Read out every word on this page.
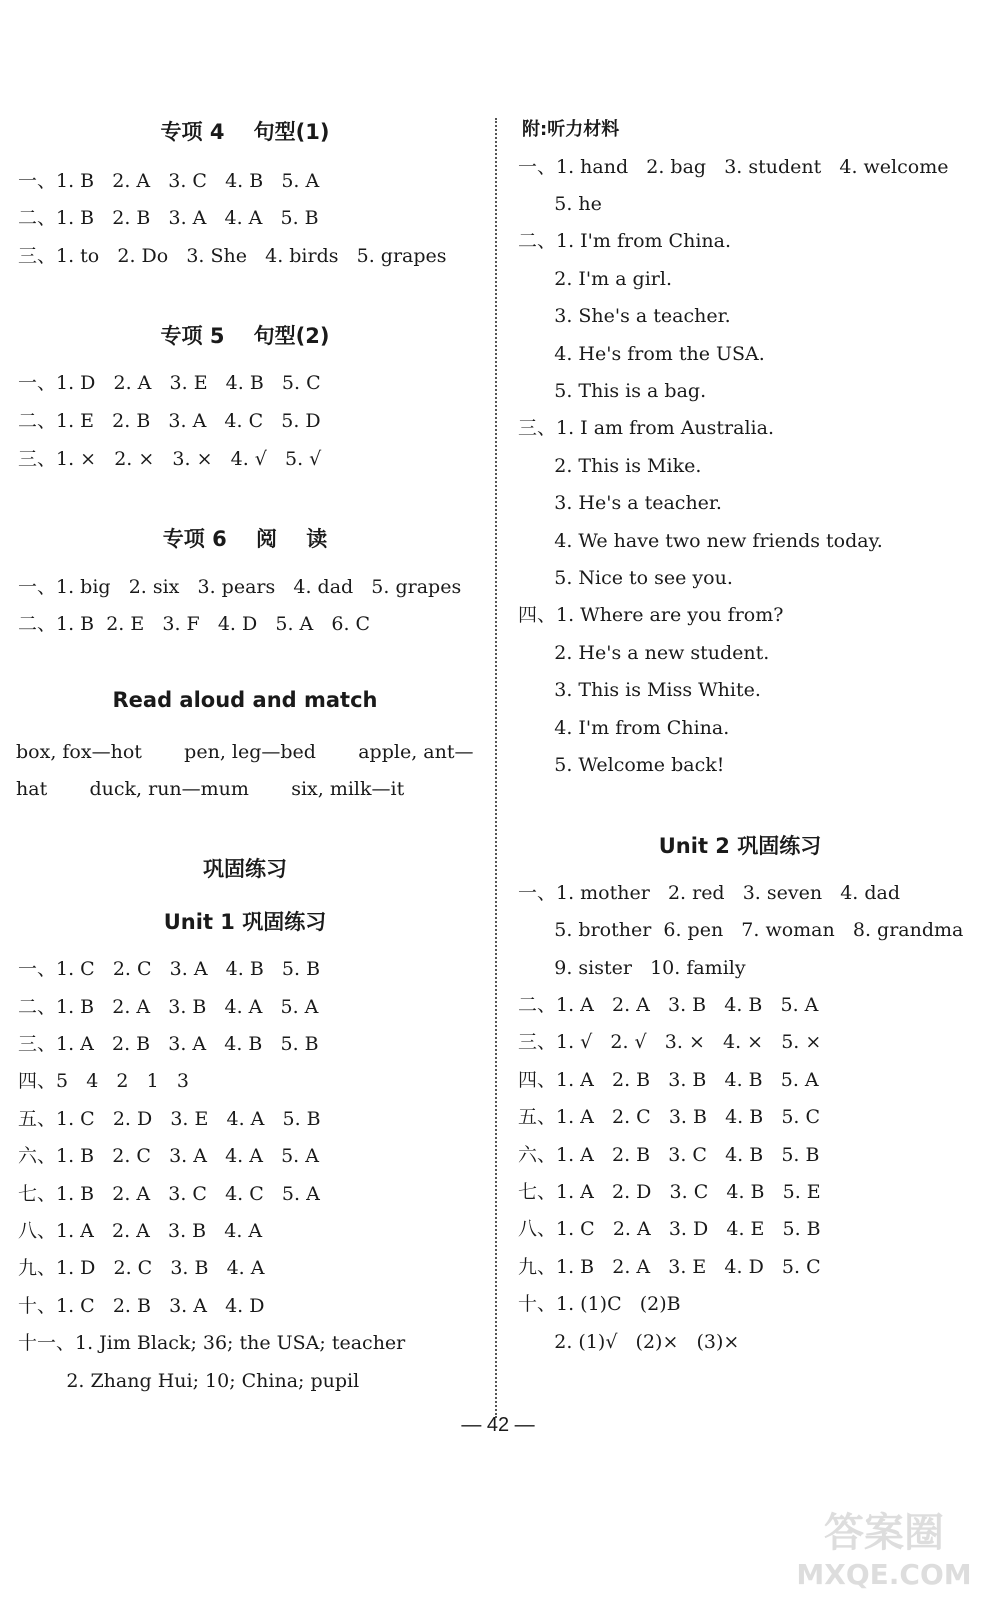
专项 4    句型(1)
一、1. B   2. A   3. C   4. B   5. A
二、1. B   2. B   3. A   4. A   5. B
三、1. to   2. Do   3. She   4. birds   5. grapes
专项 5    句型(2)
一、1. D   2. A   3. E   4. B   5. C
二、1. E   2. B   3. A   4. C   5. D
三、1. ×   2. ×   3. ×   4. √   5. √
专项 6    阅    读
一、1. big   2. six   3. pears   4. dad   5. grapes
二、1. B  2. E   3. F   4. D   5. A   6. C
Read aloud and match
box, fox—hot       pen, leg—bed       apple, ant—
hat       duck, run—mum       six, milk—it
巩固练习
Unit 1 巩固练习
一、1. C   2. C   3. A   4. B   5. B
二、1. B   2. A   3. B   4. A   5. A
三、1. A   2. B   3. A   4. B   5. B
四、5   4   2   1   3
五、1. C   2. D   3. E   4. A   5. B
六、1. B   2. C   3. A   4. A   5. A
七、1. B   2. A   3. C   4. C   5. A
八、1. A   2. A   3. B   4. A
九、1. D   2. C   3. B   4. A
十、1. C   2. B   3. A   4. D
十一、1. Jim Black; 36; the USA; teacher
2. Zhang Hui; 10; China; pupil
附:听力材料
一、1. hand   2. bag   3. student   4. welcome
5. he
二、1. I'm from China.
2. I'm a girl.
3. She's a teacher.
4. He's from the USA.
5. This is a bag.
三、1. I am from Australia.
2. This is Mike.
3. He's a teacher.
4. We have two new friends today.
5. Nice to see you.
四、1. Where are you from?
2. He's a new student.
3. This is Miss White.
4. I'm from China.
5. Welcome back!
Unit 2 巩固练习
一、1. mother   2. red   3. seven   4. dad
5. brother  6. pen   7. woman   8. grandma
9. sister   10. family
二、1. A   2. A   3. B   4. B   5. A
三、1. √   2. √   3. ×   4. ×   5. ×
四、1. A   2. B   3. B   4. B   5. A
五、1. A   2. C   3. B   4. B   5. C
六、1. A   2. B   3. C   4. B   5. B
七、1. A   2. D   3. C   4. B   5. E
八、1. C   2. A   3. D   4. E   5. B
九、1. B   2. A   3. E   4. D   5. C
十、1. (1)C   (2)B
2. (1)√   (2)×   (3)×
— 42 —
答案圈
MXQE.COM
